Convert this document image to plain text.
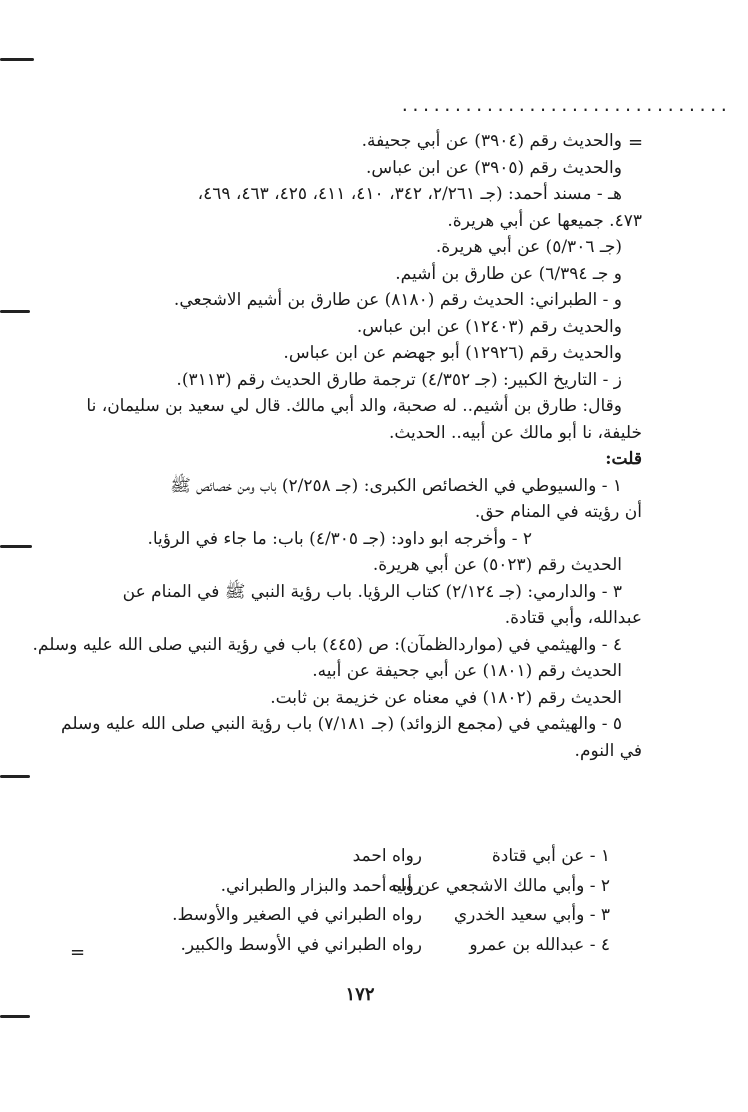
...............................
=
=
والحديث رقم (٣٩٠٤) عن أبي جحيفة.
والحديث رقم (٣٩٠٥) عن ابن عباس.
هـ - مسند أحمد: (جـ ٢/٢٦١، ٣٤٢، ٤١٠، ٤١١، ٤٢٥، ٤٦٣، ٤٦٩،
٤٧٣. جميعها عن أبي هريرة.
(جـ ٥/٣٠٦) عن أبي هريرة.
و جـ ٦/٣٩٤) عن طارق بن أشيم.
و - الطبراني: الحديث رقم (٨١٨٠) عن طارق بن أشيم الاشجعي.
والحديث رقم (١٢٤٠٣) عن ابن عباس.
والحديث رقم (١٢٩٢٦) أبو جهضم عن ابن عباس.
ز - التاريخ الكبير: (جـ ٤/٣٥٢) ترجمة طارق الحديث رقم (٣١١٣).
وقال: طارق بن أشيم.. له صحبة، والد أبي مالك. قال لي سعيد بن سليمان، نا
خليفة، نا أبو مالك عن أبيه.. الحديث.
قلت:
١ - والسيوطي في الخصائص الكبرى: (جـ ٢/٢٥٨) باب ومن خصائص ﷺ
أن رؤيته في المنام حق.
٢ - وأخرجه ابو داود: (جـ ٤/٣٠٥) باب: ما جاء في الرؤيا.
الحديث رقم (٥٠٢٣) عن أبي هريرة.
٣ - والدارمي: (جـ ٢/١٢٤) كتاب الرؤيا. باب رؤية النبي ﷺ في المنام عن
عبدالله، وأبي قتادة.
٤ - والهيثمي في (مواردالظمآن): ص (٤٤٥) باب في رؤية النبي صلى الله عليه وسلم.
الحديث رقم (١٨٠١) عن أبي جحيفة عن أبيه.
الحديث رقم (١٨٠٢) في معناه عن خزيمة بن ثابت.
٥ - والهيثمي في (مجمع الزوائد) (جـ ٧/١٨١) باب رؤية النبي صلى الله عليه وسلم
في النوم.
١ - عن أبي قتادة
رواه احمد
٢ - وأبي مالك الاشجعي عن أبيه
رواه أحمد والبزار والطبراني.
٣ - وأبي سعيد الخدري
رواه الطبراني في الصغير والأوسط.
٤ - عبدالله بن عمرو
رواه الطبراني في الأوسط والكبير.
١٧٢
